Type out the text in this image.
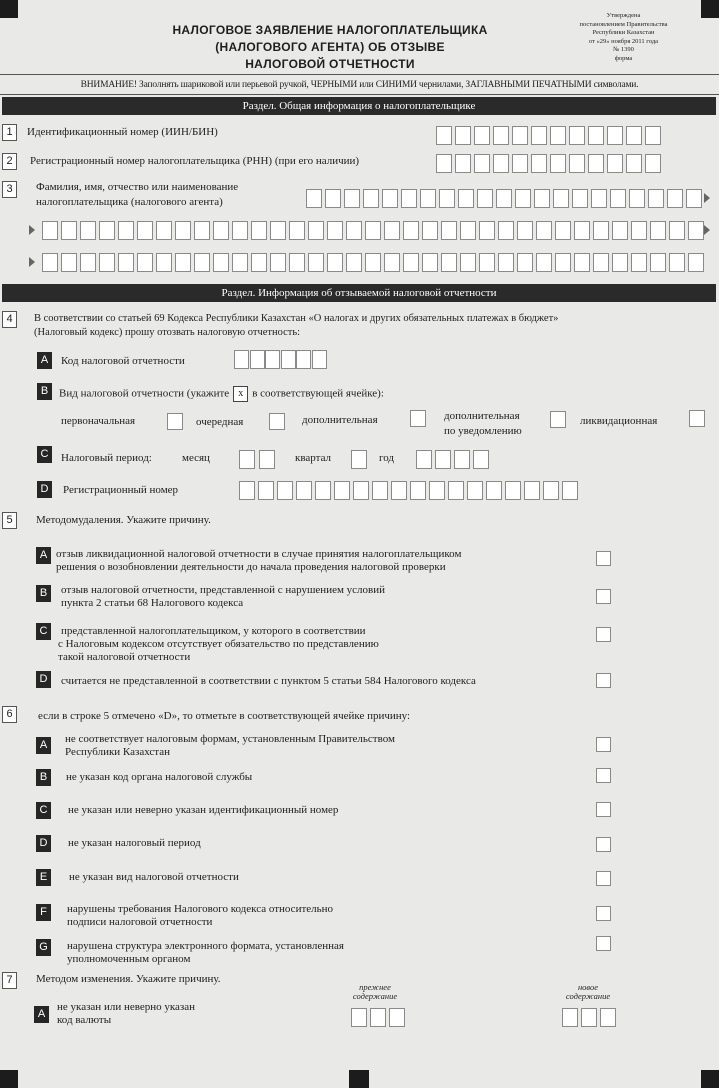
НАЛОГОВОЕ ЗАЯВЛЕНИЕ НАЛОГОПЛАТЕЛЬЩИКА
(НАЛОГОВОГО АГЕНТА) ОБ ОТЗЫВЕ
НАЛОГОВОЙ ОТЧЕТНОСТИ
Утверждена
постановлением Правительства
Республики Казахстан
от «29» ноября 2011 года
№ 1390
форма
ВНИМАНИЕ! Заполнять шариковой или перьевой ручкой, ЧЕРНЫМИ или СИНИМИ чернилами, ЗАГЛАВНЫМИ ПЕЧАТНЫМИ символами.
Раздел. Общая информация о налогоплательщике
1	Идентификационный номер (ИИН/БИН)
2	Регистрационный номер налогоплательщика (РНН) (при его наличии)
3	Фамилия, имя, отчество или наименование
налогоплательщика (налогового агента)
Раздел. Информация об отзываемой налоговой отчетности
4	В соответствии со статьей 69 Кодекса Республики Казахстан «О налогах и других обязательных платежах в бюджет»
(Налоговый кодекс) прошу отозвать налоговую отчетность:
A	Код налоговой отчетности
B Вид налоговой отчетности (укажите x в соответствующей ячейке):
первоначальная	очередная	дополнительная	дополнительная
по уведомлению
ликвидационная
C	Налоговый период:	месяц	квартал	год
D	Регистрационный номер
5	Методомудаления. Укажите причину.
A отзыв ликвидационной налоговой отчетности в случае принятия налогоплательщиком
решения о возобновлении деятельности до начала проведения налоговой проверки
B	отзыв налоговой отчетности, представленной с нарушением условий
пункта 2 статьи 68 Налогового кодекса
C	представленной налогоплательщиком, у которого в соответствии
с Налоговым кодексом отсутствует обязательство по представлению
такой налоговой отчетности
D	считается не представленной в соответствии с пунктом 5 статьи 584 Налогового кодекса
6	если в строке 5 отмечено «D», то отметьте в соответствующей ячейке причину:
A	не соответствует налоговым формам, установленным Правительством
Республики Казахстан
B	не указан код органа налоговой службы
C	не указан или неверно указан идентификационный номер
D	не указан налоговый период
E	не указан вид налоговой отчетности
F	нарушены требования Налогового кодекса относительно
подписи налоговой отчетности
G нарушена структура электронного формата, установленная
уполномоченным органом
7	Методом изменения. Укажите причину.
прежнее
содержание
новое
содержание
A
не указан или неверно указан
код валюты
